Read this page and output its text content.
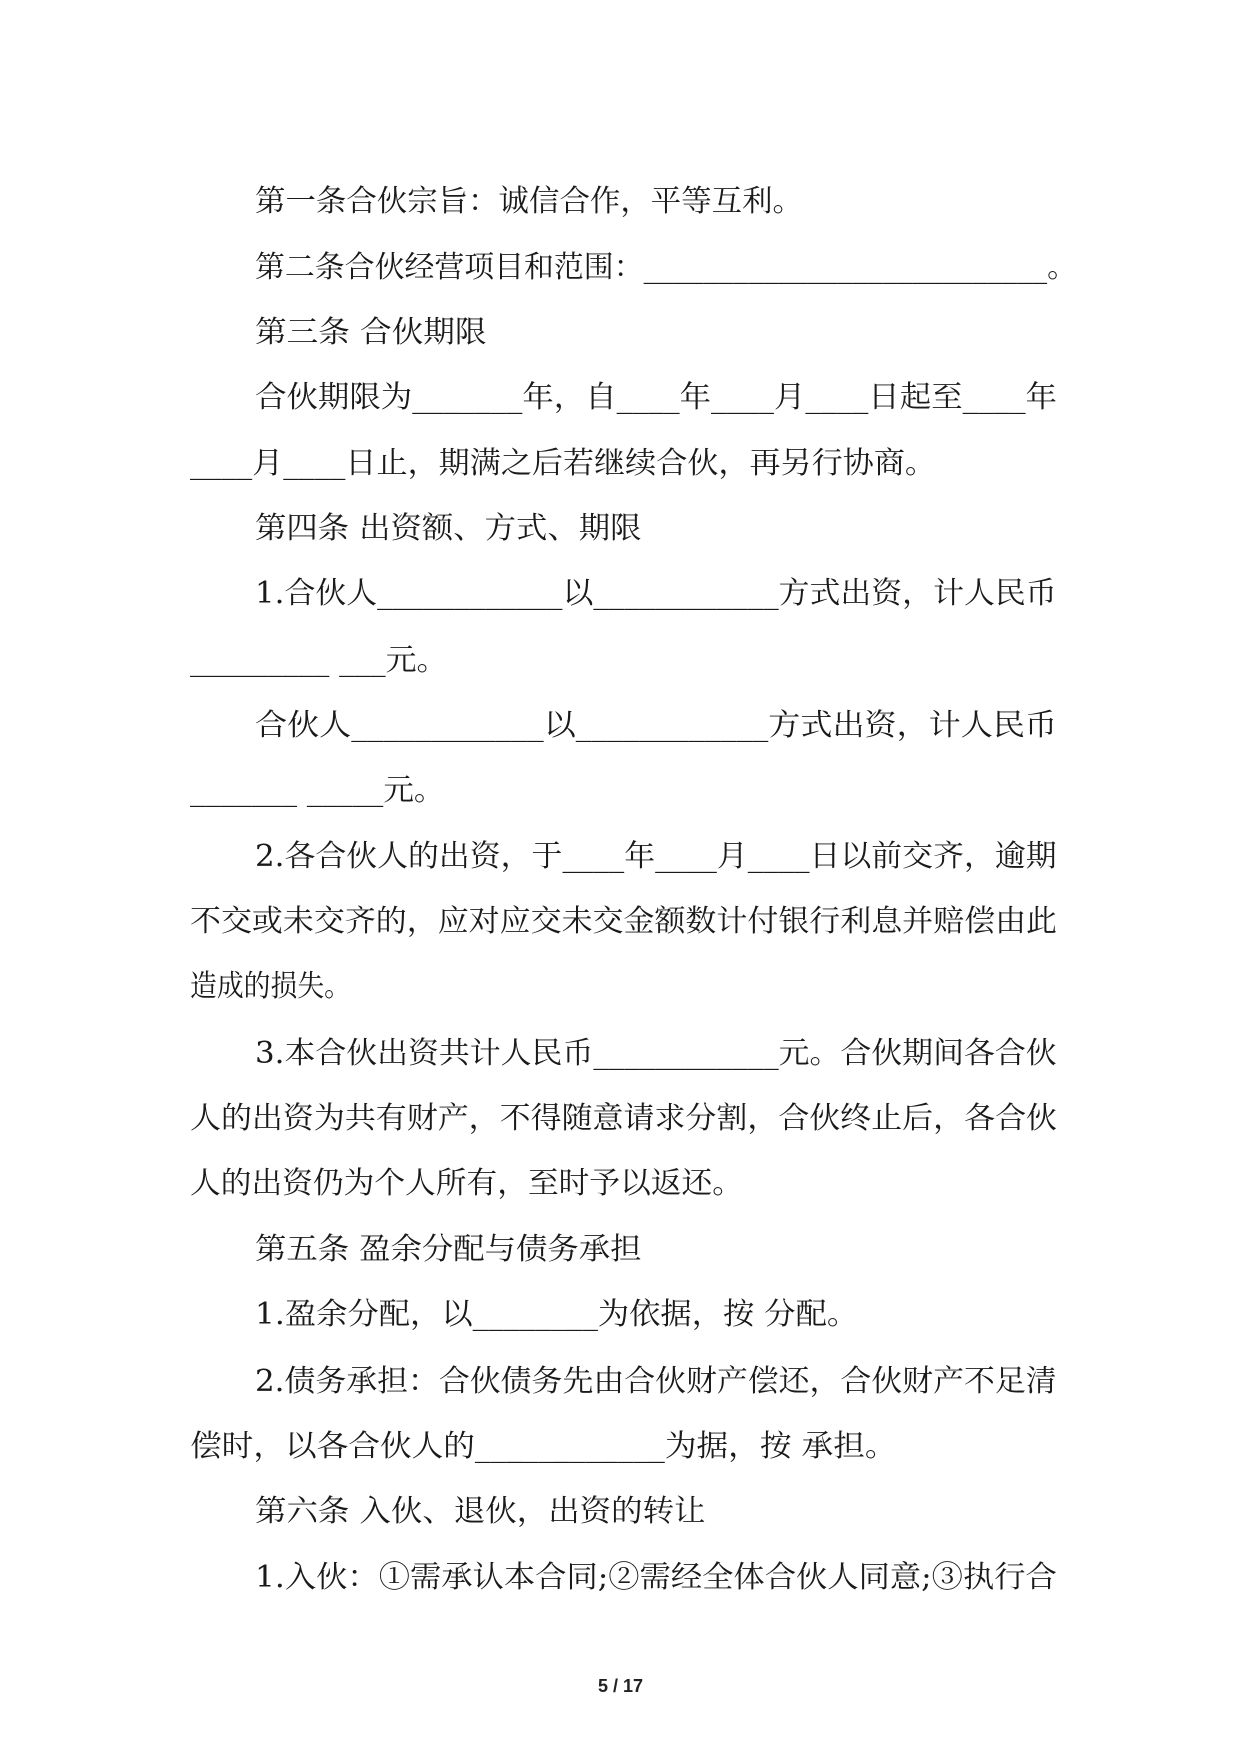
第一条合伙宗旨：诚信合作，平等互利。

第二条合伙经营项目和范围：___________________________。

第三条 合伙期限

合伙期限为_______年，自____年____月____日起至____年

____月____日止，期满之后若继续合伙，再另行协商。

第四条 出资额、方式、期限

1.合伙人____________以____________方式出资，计人民币

_________ ___元。

合伙人____________以____________方式出资，计人民币

_______ _____元。

2.各合伙人的出资，于____年____月____日以前交齐，逾期

不交或未交齐的，应对应交未交金额数计付银行利息并赔偿由此

造成的损失。

3.本合伙出资共计人民币____________元。合伙期间各合伙

人的出资为共有财产，不得随意请求分割，合伙终止后，各合伙

人的出资仍为个人所有，至时予以返还。

第五条 盈余分配与债务承担

1.盈余分配，以________为依据，按 分配。

2.债务承担：合伙债务先由合伙财产偿还，合伙财产不足清

偿时，以各合伙人的____________为据，按 承担。

第六条 入伙、退伙，出资的转让

1.入伙：①需承认本合同;②需经全体合伙人同意;③执行合

5 / 17
